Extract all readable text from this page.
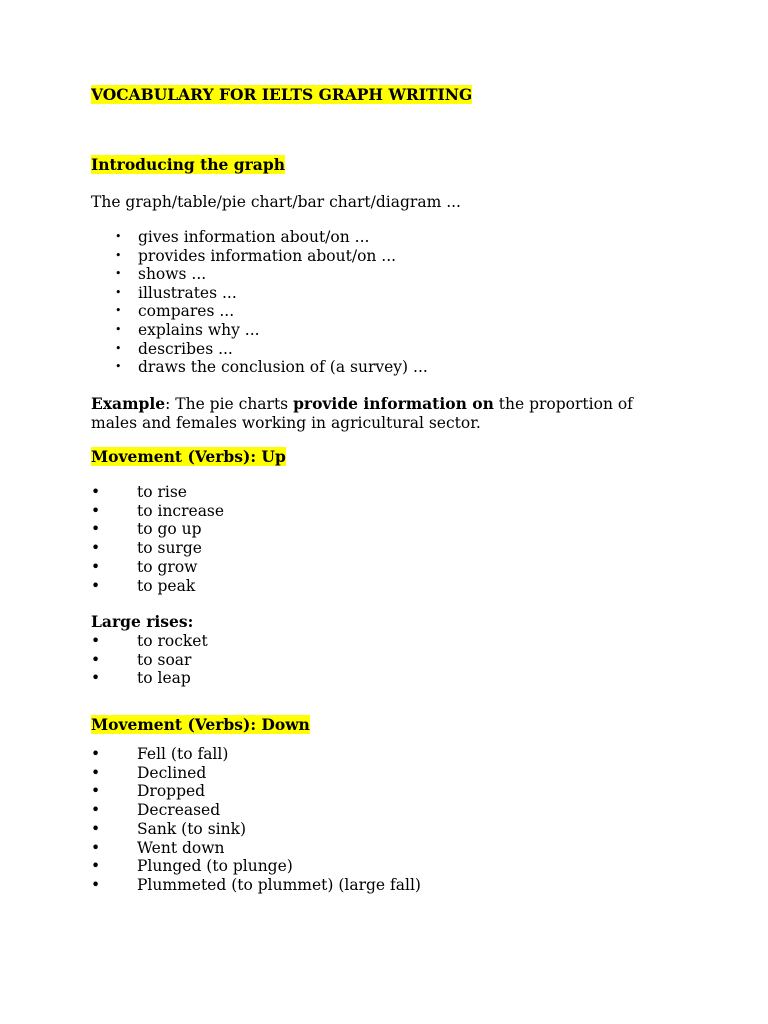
VOCABULARY FOR IELTS GRAPH WRITING
Introducing the graph
The graph/table/pie chart/bar chart/diagram ...
• gives information about/on ...
• provides information about/on ...
• shows ...
• illustrates ...
• compares ...
• explains why ...
• describes ...
• draws the conclusion of (a survey) ...
Example: The pie charts provide information on the proportion of males and females working in agricultural sector.
Movement (Verbs): Up
• to rise
• to increase
• to go up
• to surge
• to grow
• to peak
Large rises:
• to rocket
• to soar
• to leap
Movement (Verbs): Down
• Fell (to fall)
• Declined
• Dropped
• Decreased
• Sank (to sink)
• Went down
• Plunged (to plunge)
• Plummeted (to plummet) (large fall)
